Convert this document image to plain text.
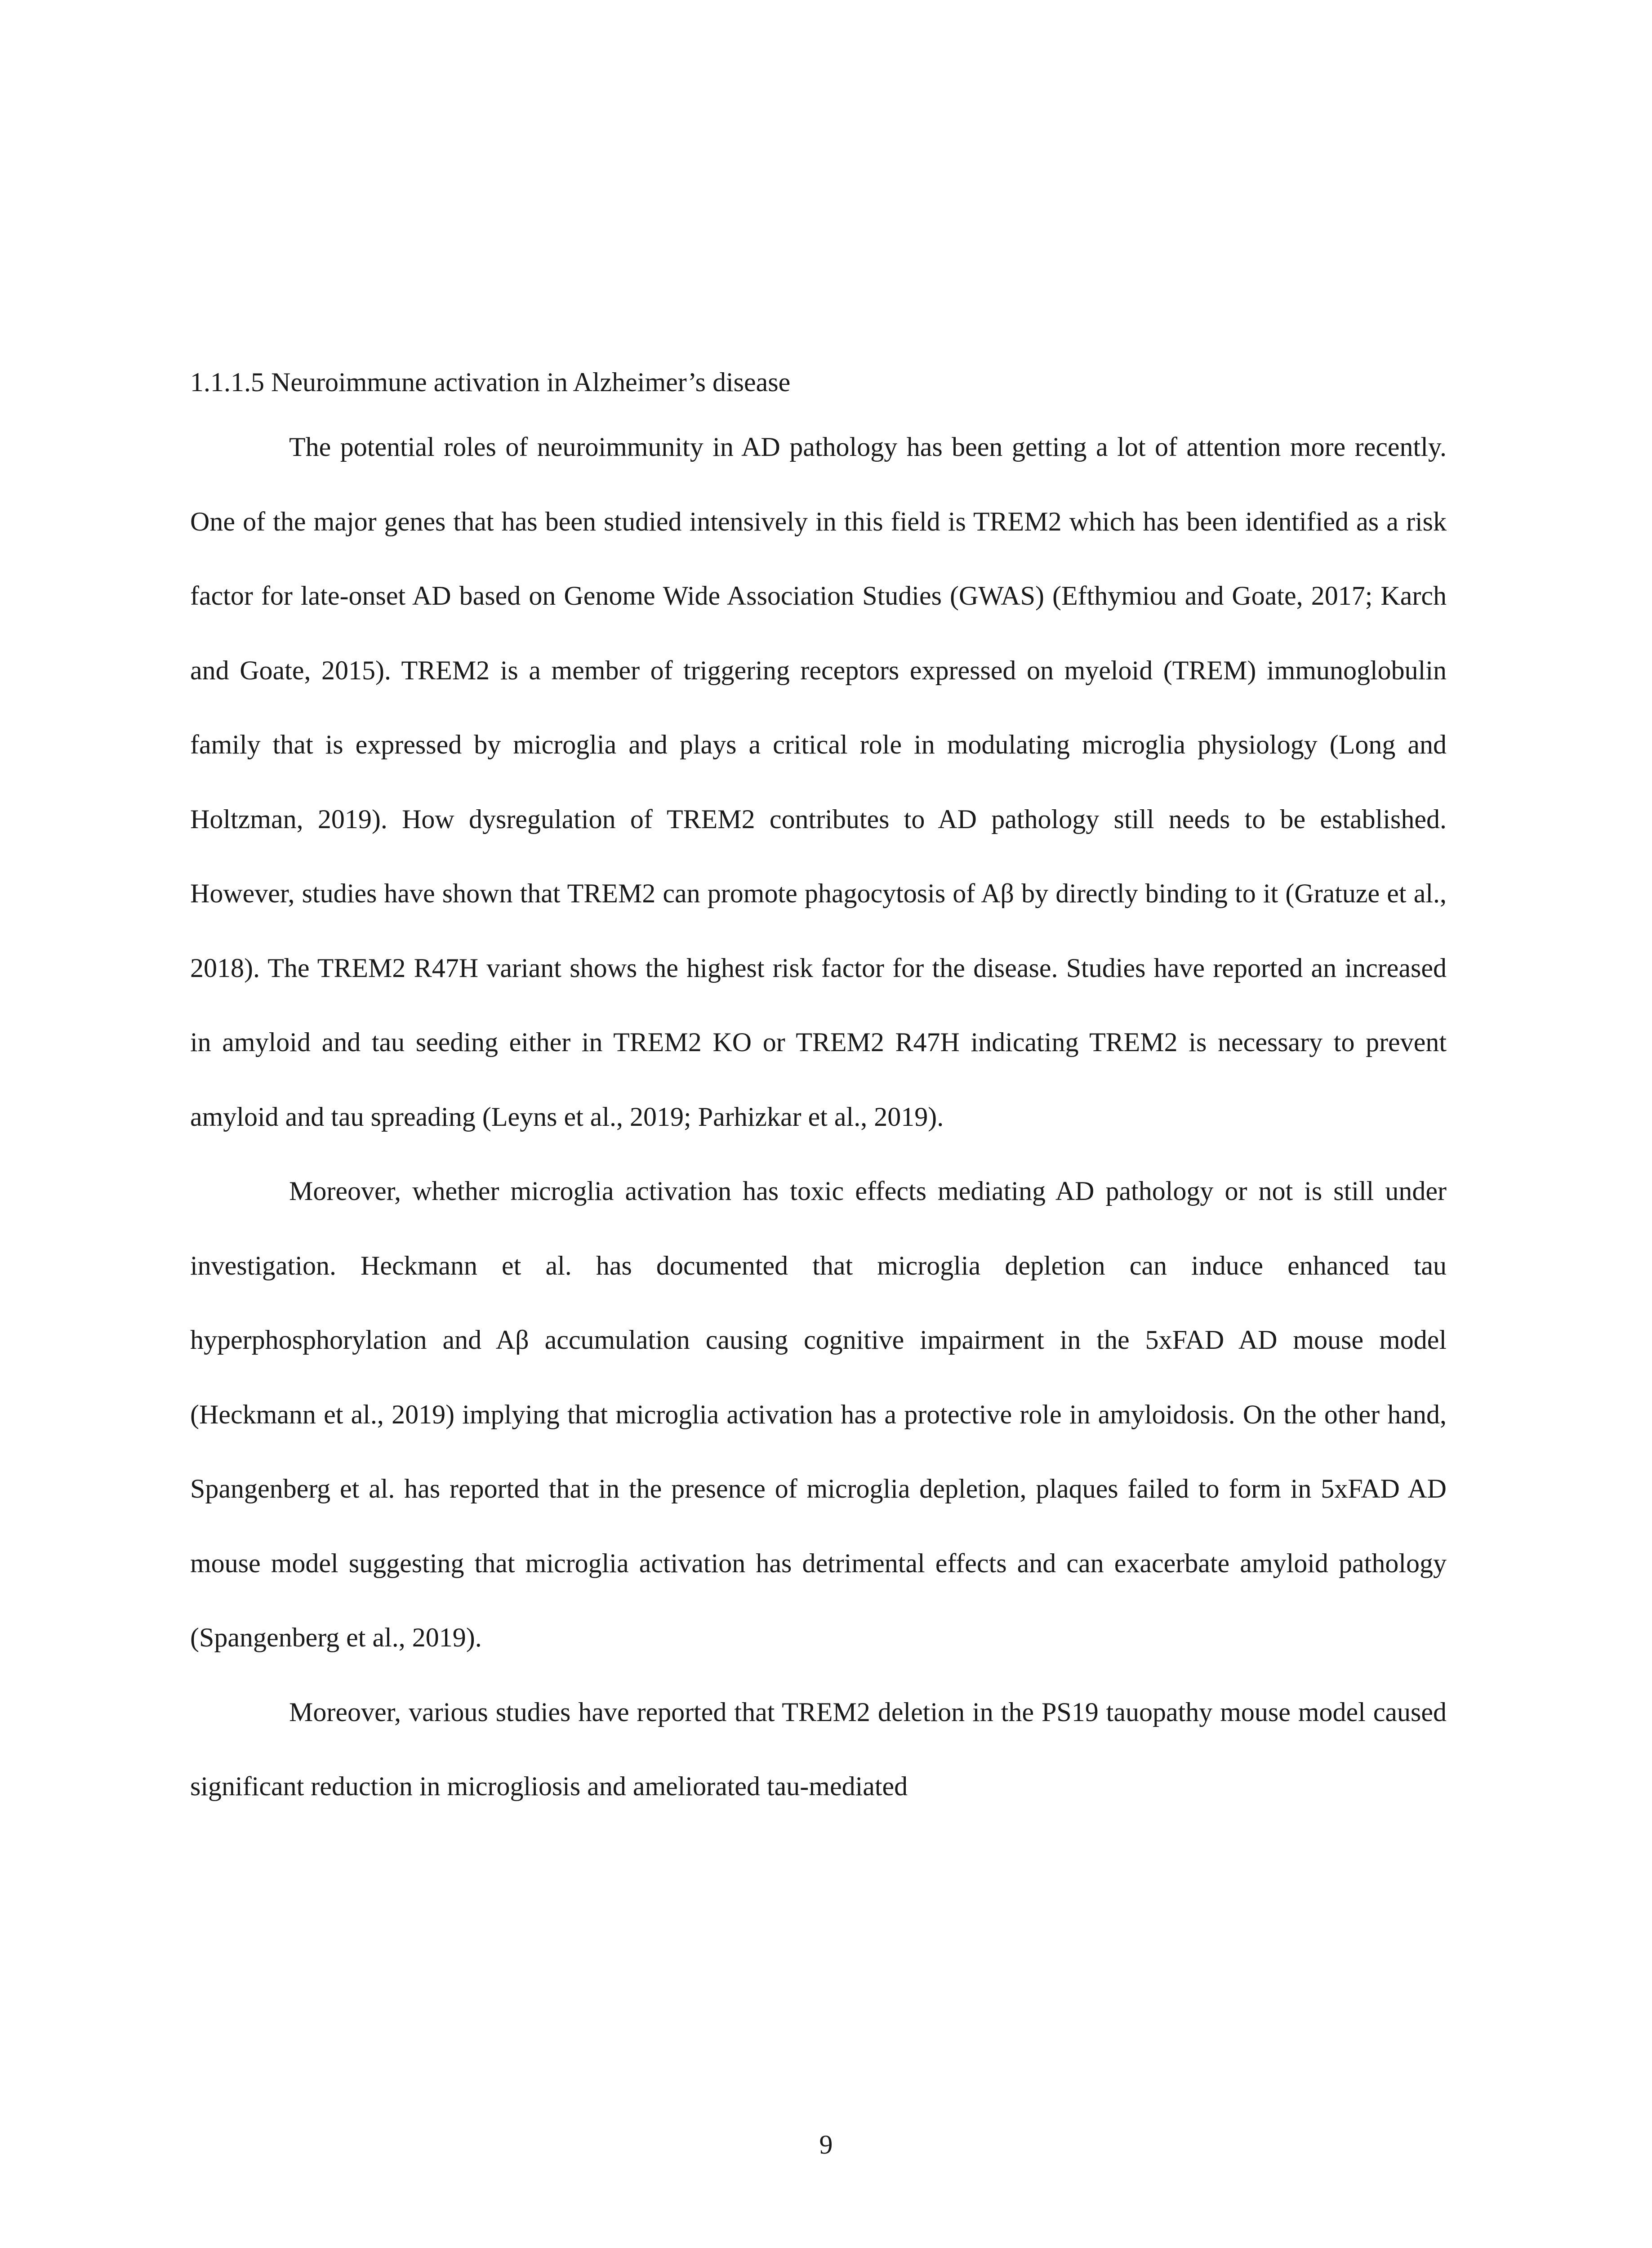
1.1.1.5 Neuroimmune activation in Alzheimer’s disease

The potential roles of neuroimmunity in AD pathology has been getting a lot of attention more recently. One of the major genes that has been studied intensively in this field is TREM2 which has been identified as a risk factor for late-onset AD based on Genome Wide Association Studies (GWAS) (Efthymiou and Goate, 2017; Karch and Goate, 2015). TREM2 is a member of triggering receptors expressed on myeloid (TREM) immunoglobulin family that is expressed by microglia and plays a critical role in modulating microglia physiology (Long and Holtzman, 2019). How dysregulation of TREM2 contributes to AD pathology still needs to be established. However, studies have shown that TREM2 can promote phagocytosis of Aβ by directly binding to it (Gratuze et al., 2018). The TREM2 R47H variant shows the highest risk factor for the disease. Studies have reported an increased in amyloid and tau seeding either in TREM2 KO or TREM2 R47H indicating TREM2 is necessary to prevent amyloid and tau spreading (Leyns et al., 2019; Parhizkar et al., 2019).

Moreover, whether microglia activation has toxic effects mediating AD pathology or not is still under investigation. Heckmann et al. has documented that microglia depletion can induce enhanced tau hyperphosphorylation and Aβ accumulation causing cognitive impairment in the 5xFAD AD mouse model (Heckmann et al., 2019) implying that microglia activation has a protective role in amyloidosis. On the other hand, Spangenberg et al. has reported that in the presence of microglia depletion, plaques failed to form in 5xFAD AD mouse model suggesting that microglia activation has detrimental effects and can exacerbate amyloid pathology (Spangenberg et al., 2019).

Moreover, various studies have reported that TREM2 deletion in the PS19 tauopathy mouse model caused significant reduction in microgliosis and ameliorated tau-mediated

9
